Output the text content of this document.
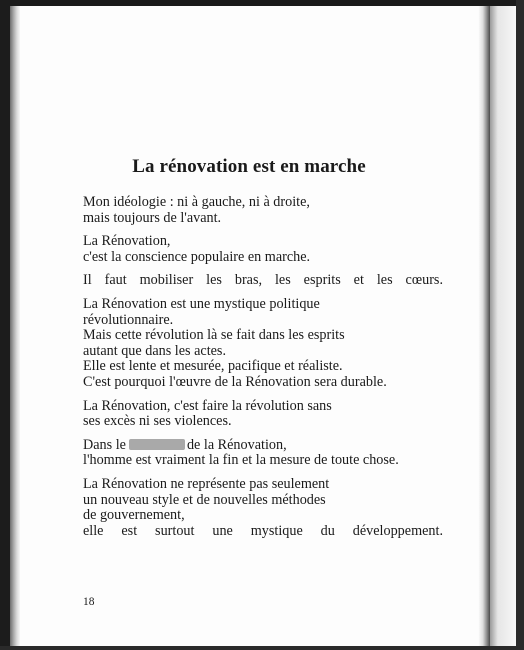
La rénovation est en marche

Mon idéologie : ni à gauche, ni à droite,
mais toujours de l'avant.

La Rénovation,
c'est la conscience populaire en marche.

Il faut mobiliser les bras, les esprits et les cœurs.

La Rénovation est une mystique politique
révolutionnaire.
Mais cette révolution là se fait dans les esprits
autant que dans les actes.
Elle est lente et mesurée, pacifique et réaliste.
C'est pourquoi l'œuvre de la Rénovation sera durable.

La Rénovation, c'est faire la révolution sans
ses excès ni ses violences.

Dans le	de la Rénovation,
l'homme est vraiment la fin et la mesure de toute chose.

La Rénovation ne représente pas seulement
un nouveau style et de nouvelles méthodes
de gouvernement,
elle est surtout une mystique du développement.

18
